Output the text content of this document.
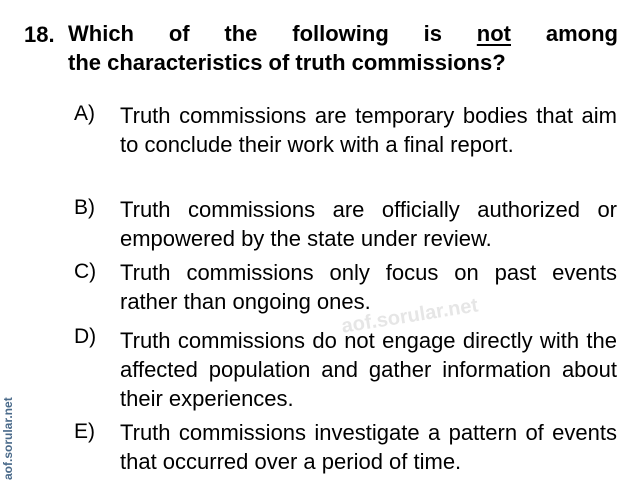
aof.sorular.net
18. Which of the following is not among
the characteristics of truth commissions?
A) Truth commissions are temporary bodies that aim to conclude their work with a final report.
B) Truth commissions are officially authorized or empowered by the state under review.
C) Truth commissions only focus on past events rather than ongoing ones.
D) Truth commissions do not engage directly with the affected population and gather information about their experiences.
E) Truth commissions investigate a pattern of events that occurred over a period of time.
aof.sorular.net
